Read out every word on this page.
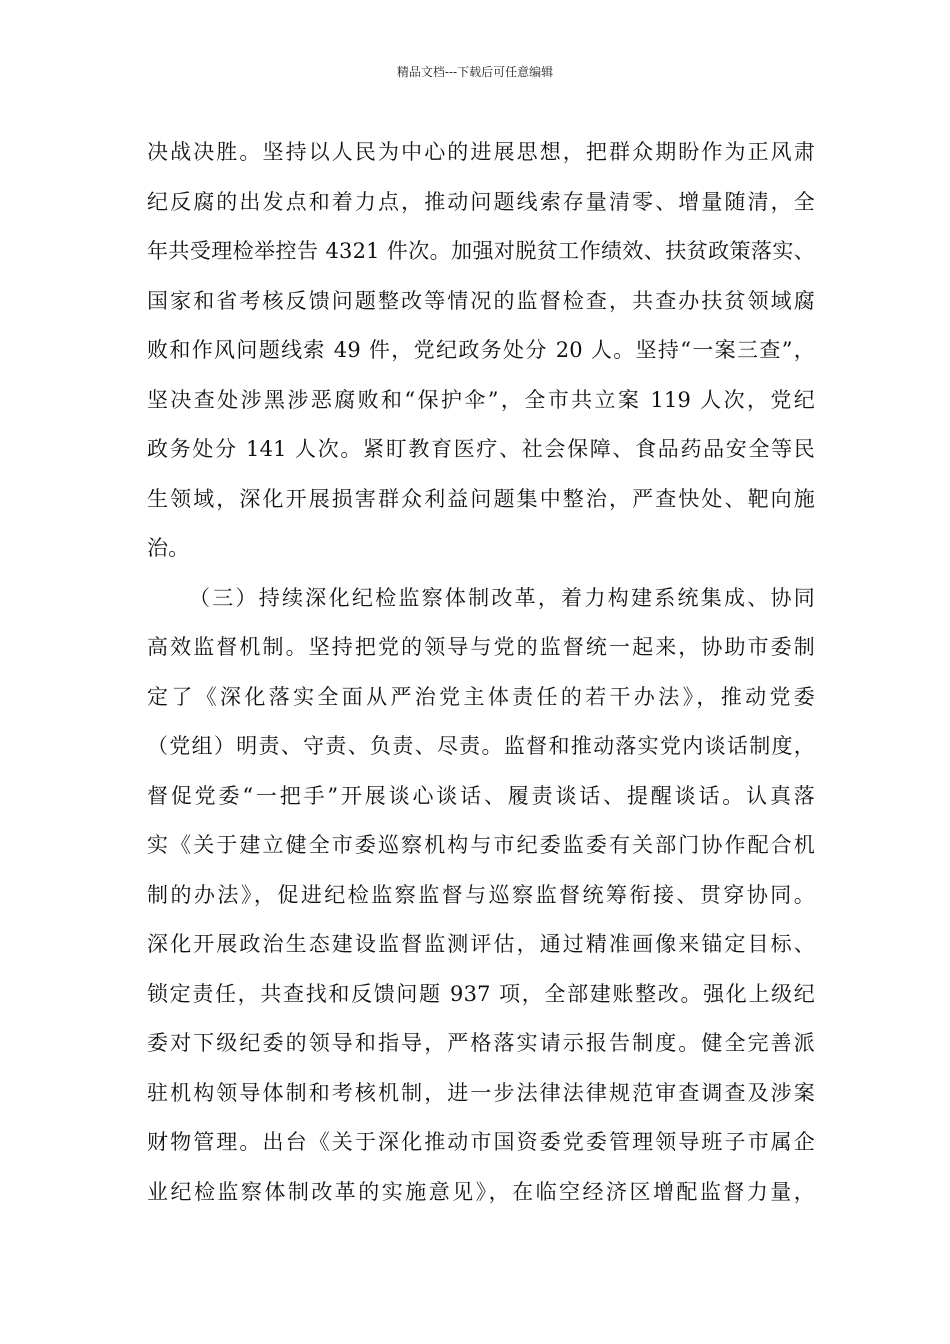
精品文档---下载后可任意编辑
决战决胜。坚持以人民为中心的进展思想，把群众期盼作为正风肃
纪反腐的出发点和着力点，推动问题线索存量清零、增量随清，全
年共受理检举控告 4321 件次。加强对脱贫工作绩效、扶贫政策落实、
国家和省考核反馈问题整改等情况的监督检查，共查办扶贫领域腐
败和作风问题线索 49 件，党纪政务处分 20 人。坚持“一案三查”，
坚决查处涉黑涉恶腐败和“保护伞”，全市共立案 119 人次，党纪
政务处分 141 人次。紧盯教育医疗、社会保障、食品药品安全等民
生领域，深化开展损害群众利益问题集中整治，严查快处、靶向施
治。
（三）持续深化纪检监察体制改革，着力构建系统集成、协同
高效监督机制。坚持把党的领导与党的监督统一起来，协助市委制
定了《深化落实全面从严治党主体责任的若干办法》，推动党委
（党组）明责、守责、负责、尽责。监督和推动落实党内谈话制度，
督促党委“一把手”开展谈心谈话、履责谈话、提醒谈话。认真落
实《关于建立健全市委巡察机构与市纪委监委有关部门协作配合机
制的办法》，促进纪检监察监督与巡察监督统筹衔接、贯穿协同。
深化开展政治生态建设监督监测评估，通过精准画像来锚定目标、
锁定责任，共查找和反馈问题 937 项，全部建账整改。强化上级纪
委对下级纪委的领导和指导，严格落实请示报告制度。健全完善派
驻机构领导体制和考核机制，进一步法律法律规范审查调查及涉案
财物管理。出台《关于深化推动市国资委党委管理领导班子市属企
业纪检监察体制改革的实施意见》，在临空经济区增配监督力量，
